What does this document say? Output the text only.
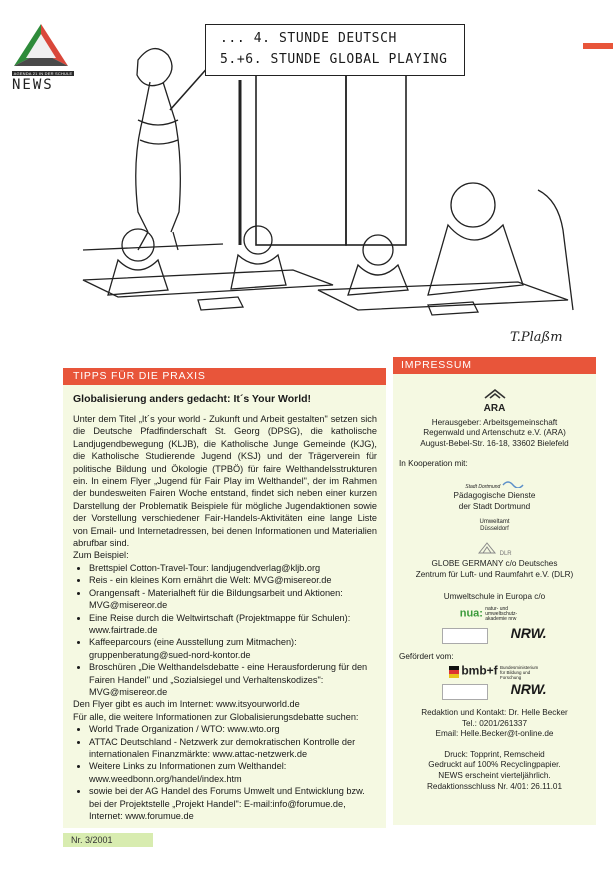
AGENDA 21 IN DER SCHULE
NEWS
... 4. STUNDE DEUTSCH
5.+6. STUNDE GLOBAL PLAYING
T.Plaßm
TIPPS FÜR DIE PRAXIS
Globalisierung anders gedacht: It´s Your World!

Unter dem Titel „It´s your world - Zukunft und Arbeit gestalten" setzen sich die Deutsche Pfadfinderschaft St. Georg (DPSG), die katholische Landjugendbewegung (KLJB), die Katholische Junge Gemeinde (KJG), die Katholische Studierende Jugend (KSJ) und der Trägerverein für politische Bildung und Ökologie (TPBÖ) für faire Welthandelsstrukturen ein. In einem Flyer „Jugend für Fair Play im Welthandel", der im Rahmen der bundesweiten Fairen Woche entstand, findet sich neben einer kurzen Darstellung der Problematik Beispiele für mögliche Jugendaktionen sowie der Vorstellung verschiedener Fair-Handels-Aktivitäten eine lange Liste von Email- und Internetadressen, bei denen Informationen und Materialien abrufbar sind.

Zum Beispiel:

• Brettspiel Cotton-Travel-Tour: landjugendverlag@kljb.org
• Reis - ein kleines Korn ernährt die Welt: MVG@misereor.de
• Orangensaft - Materialheft für die Bildungsarbeit und Aktionen: MVG@misereor.de
• Eine Reise durch die Weltwirtschaft (Projektmappe für Schulen): www.fairtrade.de
• Kaffeeparcours (eine Ausstellung zum Mitmachen): gruppenberatung@sued-nord-kontor.de
• Broschüren „Die Welthandelsdebatte - eine Herausforderung für den Fairen Handel" und „Sozialsiegel und Verhaltenskodizes": MVG@misereor.de

Den Flyer gibt es auch im Internet: www.itsyourworld.de

Für alle, die weitere Informationen zur Globalisierungsdebatte suchen:

• World Trade Organization / WTO: www.wto.org
• ATTAC Deutschland - Netzwerk zur demokratischen Kontrolle der internationalen Finanzmärkte: www.attac-netzwerk.de
• Weitere Links zu Informationen zum Welthandel: www.weedbonn.org/handel/index.htm
• sowie bei der AG Handel des Forums Umwelt und Entwicklung bzw. bei der Projektstelle „Projekt Handel": E-mail:info@forumue.de, Internet: www.forumue.de
IMPRESSUM
ARA
Herausgeber: Arbeitsgemeinschaft
Regenwald und Artenschutz e.V. (ARA)
August-Bebel-Str. 16-18, 33602 Bielefeld
In Kooperation mit:
Stadt Dortmund
Pädagogische Dienste
der Stadt Dortmund
Umweltamt
Düsseldorf
DLR
GLOBE GERMANY c/o Deutsches
Zentrum für Luft- und Raumfahrt e.V. (DLR)
Umweltschule in Europa c/o
nua: natur- und umweltschutz-akademie nrw
NRW.
Gefördert vom:
bmb+f Bundesministerium für Bildung und Forschung
NRW.
Redaktion und Kontakt: Dr. Helle Becker
Tel.: 0201/261337
Email: Helle.Becker@t-online.de
Druck: Topprint, Remscheid
Gedruckt auf 100% Recyclingpapier.
NEWS erscheint vierteljährlich.
Redaktionsschluss Nr. 4/01: 26.11.01
Nr. 3/2001
